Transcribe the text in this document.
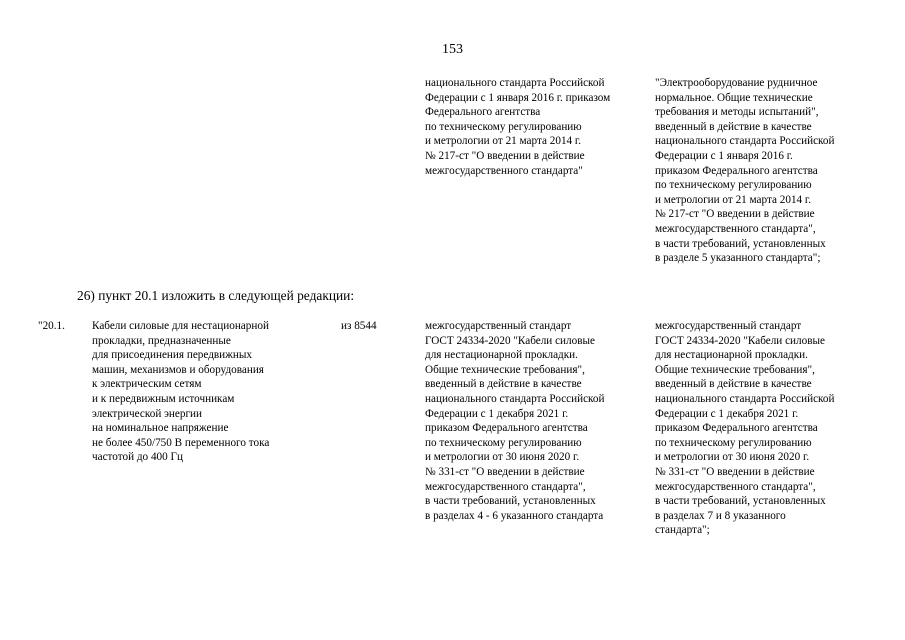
153
национального стандарта Российской
Федерации с 1 января 2016 г. приказом
Федерального агентства
по техническому регулированию
и метрологии от 21 марта 2014 г.
№ 217-ст "О введении в действие
межгосударственного стандарта"
"Электрооборудование рудничное
нормальное. Общие технические
требования и методы испытаний",
введенный в действие в качестве
национального стандарта Российской
Федерации с 1 января 2016 г.
приказом Федерального агентства
по техническому регулированию
и метрологии от 21 марта 2014 г.
№ 217-ст "О введении в действие
межгосударственного стандарта",
в части требований, установленных
в разделе 5 указанного стандарта";
26) пункт 20.1 изложить в следующей редакции:
"20.1. Кабели силовые для нестационарной
прокладки, предназначенные
для присоединения передвижных
машин, механизмов и оборудования
к электрическим сетям
и к передвижным источникам
электрической энергии
на номинальное напряжение
не более 450/750 В переменного тока
частотой до 400 Гц
из 8544	межгосударственный стандарт
ГОСТ 24334-2020 "Кабели силовые
для нестационарной прокладки.
Общие технические требования",
введенный в действие в качестве
национального стандарта Российской
Федерации с 1 декабря 2021 г.
приказом Федерального агентства
по техническому регулированию
и метрологии от 30 июня 2020 г.
№ 331-ст "О введении в действие
межгосударственного стандарта",
в части требований, установленных
в разделах 4 - 6 указанного стандарта
межгосударственный стандарт
ГОСТ 24334-2020 "Кабели силовые
для нестационарной прокладки.
Общие технические требования",
введенный в действие в качестве
национального стандарта Российской
Федерации с 1 декабря 2021 г.
приказом Федерального агентства
по техническому регулированию
и метрологии от 30 июня 2020 г.
№ 331-ст "О введении в действие
межгосударственного стандарта",
в части требований, установленных
в разделах 7 и 8 указанного
стандарта";
